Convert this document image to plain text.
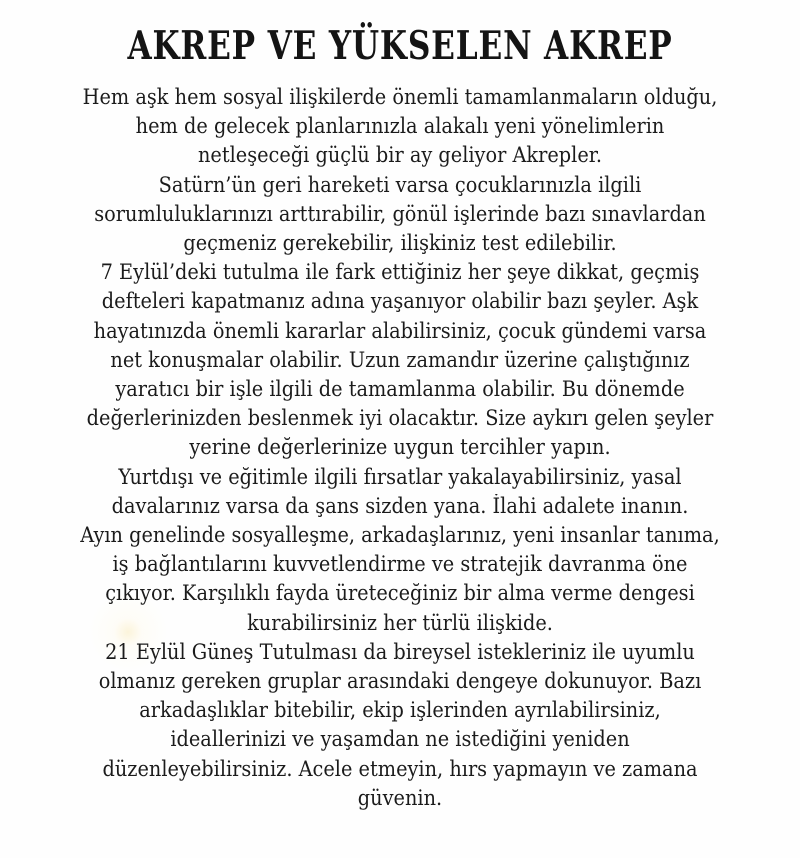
AKREP VE YÜKSELEN AKREP
Hem aşk hem sosyal ilişkilerde önemli tamamlanmaların olduğu,
hem de gelecek planlarınızla alakalı yeni yönelimlerin
netleşeceği güçlü bir ay geliyor Akrepler.
Satürn’ün geri hareketi varsa çocuklarınızla ilgili
sorumluluklarınızı arttırabilir, gönül işlerinde bazı sınavlardan
geçmeniz gerekebilir, ilişkiniz test edilebilir.
7 Eylül’deki tutulma ile fark ettiğiniz her şeye dikkat, geçmiş
defteleri kapatmanız adına yaşanıyor olabilir bazı şeyler. Aşk
hayatınızda önemli kararlar alabilirsiniz, çocuk gündemi varsa
net konuşmalar olabilir. Uzun zamandır üzerine çalıştığınız
yaratıcı bir işle ilgili de tamamlanma olabilir. Bu dönemde
değerlerinizden beslenmek iyi olacaktır. Size aykırı gelen şeyler
yerine değerlerinize uygun tercihler yapın.
Yurtdışı ve eğitimle ilgili fırsatlar yakalayabilirsiniz, yasal
davalarınız varsa da şans sizden yana. İlahi adalete inanın.
Ayın genelinde sosyalleşme, arkadaşlarınız, yeni insanlar tanıma,
iş bağlantılarını kuvvetlendirme ve stratejik davranma öne
çıkıyor. Karşılıklı fayda üreteceğiniz bir alma verme dengesi
kurabilirsiniz her türlü ilişkide.
21 Eylül Güneş Tutulması da bireysel istekleriniz ile uyumlu
olmanız gereken gruplar arasındaki dengeye dokunuyor. Bazı
arkadaşlıklar bitebilir, ekip işlerinden ayrılabilirsiniz,
ideallerinizi ve yaşamdan ne istediğini yeniden
düzenleyebilirsiniz. Acele etmeyin, hırs yapmayın ve zamana
güvenin.
